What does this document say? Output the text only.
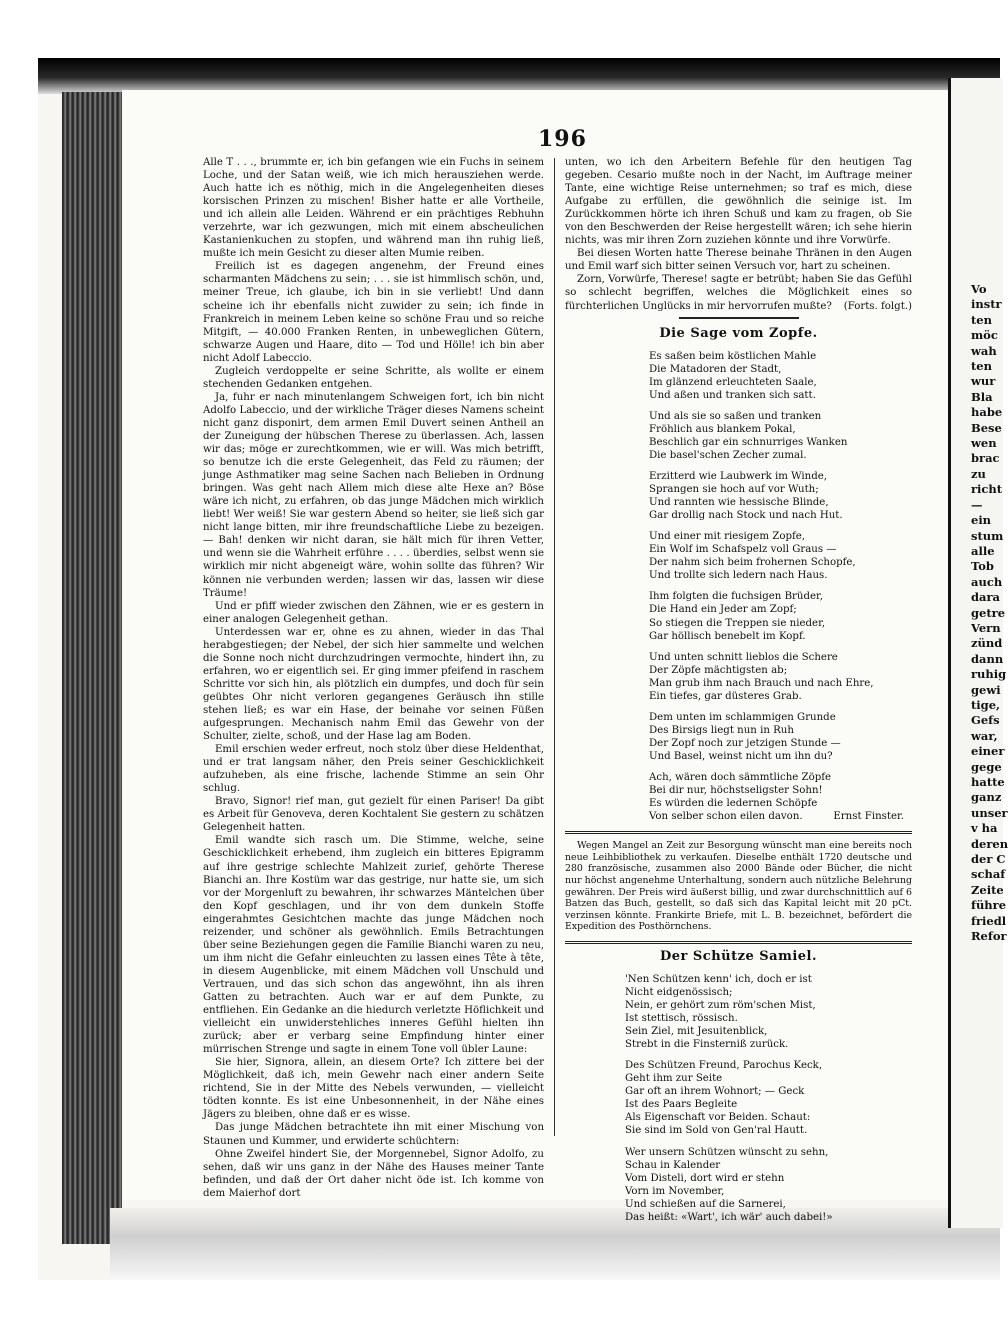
Vo
instr
ten
möc
wah
ten
wur
Bla
habe
Bese
wen
brac
zu
richt
—
ein
stum
alle
Tob
auch
dara
getre
Vern
zünd
dann
ruhig
gewi
tige,
Gefs
war,
einer
gege
hatte
ganz
unser
v ha
deren
der C
schaf
Zeite
führe
friedl
Refor
196

Alle T . . ., brummte er, ich bin gefangen wie ein Fuchs in seinem Loche, und der Satan weiß, wie ich mich herausziehen werde. Auch hatte ich es nöthig, mich in die Angelegenheiten dieses korsischen Prinzen zu mischen! Bisher hatte er alle Vortheile, und ich allein alle Leiden. Während er ein prächtiges Rebhuhn verzehrte, war ich gezwungen, mich mit einem abscheulichen Kastanienkuchen zu stopfen, und während man ihn ruhig ließ, mußte ich mein Gesicht zu dieser alten Mumie reiben.

Freilich ist es dagegen angenehm, der Freund eines scharmanten Mädchens zu sein; . . . sie ist himmlisch schön, und, meiner Treue, ich glaube, ich bin in sie verliebt! Und dann scheine ich ihr ebenfalls nicht zuwider zu sein; ich finde in Frankreich in meinem Leben keine so schöne Frau und so reiche Mitgift, — 40.000 Franken Renten, in unbeweglichen Gütern, schwarze Augen und Haare, dito — Tod und Hölle! ich bin aber nicht Adolf Labeccio.

Zugleich verdoppelte er seine Schritte, als wollte er einem stechenden Gedanken entgehen.

Ja, fuhr er nach minutenlangem Schweigen fort, ich bin nicht Adolfo Labeccio, und der wirkliche Träger dieses Namens scheint nicht ganz disponirt, dem armen Emil Duvert seinen Antheil an der Zuneigung der hübschen Therese zu überlassen. Ach, lassen wir das; möge er zurechtkommen, wie er will. Was mich betrifft, so benutze ich die erste Gelegenheit, das Feld zu räumen; der junge Asthmatiker mag seine Sachen nach Belieben in Ordnung bringen. Was geht nach Allem mich diese alte Hexe an? Böse wäre ich nicht, zu erfahren, ob das junge Mädchen mich wirklich liebt! Wer weiß! Sie war gestern Abend so heiter, sie ließ sich gar nicht lange bitten, mir ihre freundschaftliche Liebe zu bezeigen. — Bah! denken wir nicht daran, sie hält mich für ihren Vetter, und wenn sie die Wahrheit erführe . . . . überdies, selbst wenn sie wirklich mir nicht abgeneigt wäre, wohin sollte das führen? Wir können nie verbunden werden; lassen wir das, lassen wir diese Träume!

Und er pfiff wieder zwischen den Zähnen, wie er es gestern in einer analogen Gelegenheit gethan.

Unterdessen war er, ohne es zu ahnen, wieder in das Thal herabgestiegen; der Nebel, der sich hier sammelte und welchen die Sonne noch nicht durchzudringen vermochte, hindert ihn, zu erfahren, wo er eigentlich sei. Er ging immer pfeifend in raschem Schritte vor sich hin, als plötzlich ein dumpfes, und doch für sein geübtes Ohr nicht verloren gegangenes Geräusch ihn stille stehen ließ; es war ein Hase, der beinahe vor seinen Füßen aufgesprungen. Mechanisch nahm Emil das Gewehr von der Schulter, zielte, schoß, und der Hase lag am Boden.

Emil erschien weder erfreut, noch stolz über diese Heldenthat, und er trat langsam näher, den Preis seiner Geschicklichkeit aufzuheben, als eine frische, lachende Stimme an sein Ohr schlug.

Bravo, Signor! rief man, gut gezielt für einen Pariser! Da gibt es Arbeit für Genoveva, deren Kochtalent Sie gestern zu schätzen Gelegenheit hatten.

Emil wandte sich rasch um. Die Stimme, welche, seine Geschicklichkeit erhebend, ihm zugleich ein bitteres Epigramm auf ihre gestrige schlechte Mahlzeit zurief, gehörte Therese Bianchi an. Ihre Kostüm war das gestrige, nur hatte sie, um sich vor der Morgenluft zu bewahren, ihr schwarzes Mäntelchen über den Kopf geschlagen, und ihr von dem dunkeln Stoffe eingerahmtes Gesichtchen machte das junge Mädchen noch reizender, und schöner als gewöhnlich. Emils Betrachtungen über seine Beziehungen gegen die Familie Bianchi waren zu neu, um ihm nicht die Gefahr einleuchten zu lassen eines Tête à tête, in diesem Augenblicke, mit einem Mädchen voll Unschuld und Vertrauen, und das sich schon das angewöhnt, ihn als ihren Gatten zu betrachten. Auch war er auf dem Punkte, zu entfliehen. Ein Gedanke an die hiedurch verletzte Höflichkeit und vielleicht ein unwiderstehliches inneres Gefühl hielten ihn zurück; aber er verbarg seine Empfindung hinter einer mürrischen Strenge und sagte in einem Tone voll übler Laune:

Sie hier, Signora, allein, an diesem Orte? Ich zittere bei der Möglichkeit, daß ich, mein Gewehr nach einer andern Seite richtend, Sie in der Mitte des Nebels verwunden, — vielleicht tödten konnte. Es ist eine Unbesonnenheit, in der Nähe eines Jägers zu bleiben, ohne daß er es wisse.

Das junge Mädchen betrachtete ihn mit einer Mischung von Staunen und Kummer, und erwiderte schüchtern:

Ohne Zweifel hindert Sie, der Morgennebel, Signor Adolfo, zu sehen, daß wir uns ganz in der Nähe des Hauses meiner Tante befinden, und daß der Ort daher nicht öde ist. Ich komme von dem Maierhof dort

unten, wo ich den Arbeitern Befehle für den heutigen Tag gegeben. Cesario mußte noch in der Nacht, im Auftrage meiner Tante, eine wichtige Reise unternehmen; so traf es mich, diese Aufgabe zu erfüllen, die gewöhnlich die seinige ist. Im Zurückkommen hörte ich ihren Schuß und kam zu fragen, ob Sie von den Beschwerden der Reise hergestellt wären; ich sehe hierin nichts, was mir ihren Zorn zuziehen könnte und ihre Vorwürfe.

Bei diesen Worten hatte Therese beinahe Thränen in den Augen und Emil warf sich bitter seinen Versuch vor, hart zu scheinen.

Zorn, Vorwürfe, Therese! sagte er betrübt; haben Sie das Gefühl so schlecht begriffen, welches die Möglichkeit eines so fürchterlichen Unglücks in mir hervorrufen mußte?	(Forts. folgt.)

Die Sage vom Zopfe.
Es saßen beim köstlichen Mahle
Die Matadoren der Stadt,
Im glänzend erleuchteten Saale,
Und aßen und tranken sich satt.
Und als sie so saßen und tranken
Fröhlich aus blankem Pokal,
Beschlich gar ein schnurriges Wanken
Die basel'schen Zecher zumal.
Erzitterd wie Laubwerk im Winde,
Sprangen sie hoch auf vor Wuth;
Und rannten wie hessische Blinde,
Gar drollig nach Stock und nach Hut.
Und einer mit riesigem Zopfe,
Ein Wolf im Schafspelz voll Graus —
Der nahm sich beim frohernen Schopfe,
Und trollte sich ledern nach Haus.
Ihm folgten die fuchsigen Brüder,
Die Hand ein Jeder am Zopf;
So stiegen die Treppen sie nieder,
Gar höllisch benebelt im Kopf.
Und unten schnitt lieblos die Schere
Der Zöpfe mächtigsten ab;
Man grub ihm nach Brauch und nach Ehre,
Ein tiefes, gar düsteres Grab.
Dem unten im schlammigen Grunde
Des Birsigs liegt nun in Ruh
Der Zopf noch zur jetzigen Stunde —
Und Basel, weinst nicht um ihn du?
Ach, wären doch sämmtliche Zöpfe
Bei dir nur, höchstseligster Sohn!
Es würden die ledernen Schöpfe
Von selber schon eilen davon.	Ernst Finster.

Wegen Mangel an Zeit zur Besorgung wünscht man eine bereits noch neue Leihbibliothek zu verkaufen. Dieselbe enthält 1720 deutsche und 280 französische, zusammen also 2000 Bände oder Bücher, die nicht nur höchst angenehme Unterhaltung, sondern auch nützliche Belehrung gewähren. Der Preis wird äußerst billig, und zwar durchschnittlich auf 6 Batzen das Buch, gestellt, so daß sich das Kapital leicht mit 20 pCt. verzinsen könnte. Frankirte Briefe, mit L. B. bezeichnet, befördert die Expedition des Posthörnchens.

Der Schütze Samiel.
'Nen Schützen kenn' ich, doch er ist
Nicht eidgenössisch;
Nein, er gehört zum röm'schen Mist,
Ist stettisch, rössisch.
Sein Ziel, mit Jesuitenblick,
Strebt in die Finsterniß zurück.
Des Schützen Freund, Parochus Keck,
Geht ihm zur Seite
Gar oft an ihrem Wohnort; — Geck
Ist des Paars Begleite
Als Eigenschaft vor Beiden. Schaut:
Sie sind im Sold von Gen'ral Hautt.
Wer unsern Schützen wünscht zu sehn,
Schau in Kalender
Vom Disteli, dort wird er stehn
Vorn im November,
Und schießen auf die Sarnerei,
Das heißt: «Wart', ich wär' auch dabei!»
